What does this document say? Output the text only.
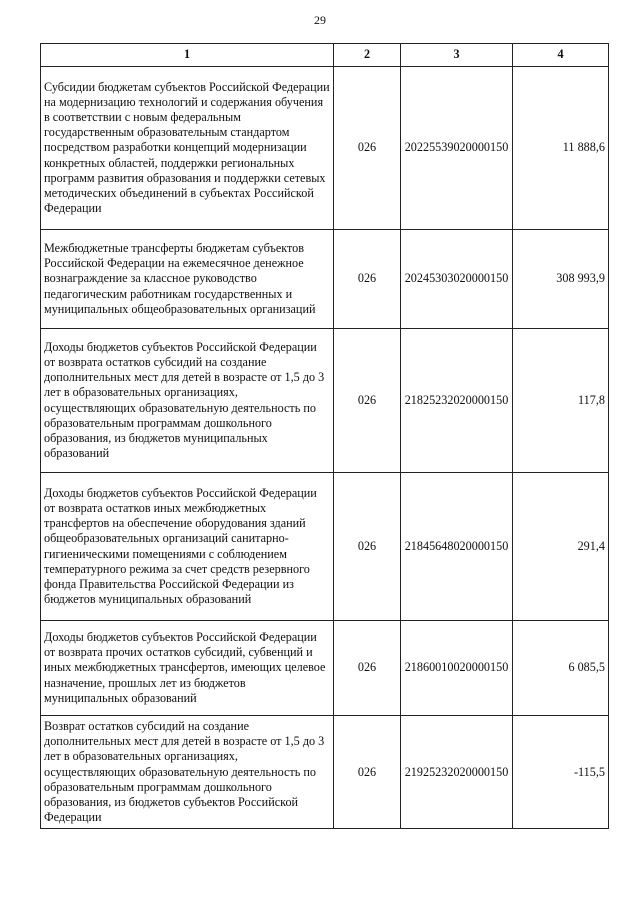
29
1	2	3	4
Субсидии бюджетам субъектов Российской Федерации на модернизацию технологий и содержания обучения в соответствии с новым федеральным государственным образовательным стандартом посредством разработки концепций модернизации конкретных областей, поддержки региональных программ развития образования и поддержки сетевых методических объединений в субъектах Российской Федерации	026	20225539020000150	11 888,6
Межбюджетные трансферты бюджетам субъектов Российской Федерации на ежемесячное денежное вознаграждение за классное руководство педагогическим работникам государственных и муниципальных общеобразовательных организаций	026	20245303020000150	308 993,9
Доходы бюджетов субъектов Российской Федерации от возврата остатков субсидий на создание дополнительных мест для детей в возрасте от 1,5 до 3 лет в образовательных организациях, осуществляющих образовательную деятельность по образовательным программам дошкольного образования, из бюджетов муниципальных образований	026	21825232020000150	117,8
Доходы бюджетов субъектов Российской Федерации от возврата остатков иных межбюджетных трансфертов на обеспечение оборудования зданий общеобразовательных организаций санитарно-гигиеническими помещениями с соблюдением температурного режима за счет средств резервного фонда Правительства Российской Федерации из бюджетов муниципальных образований	026	21845648020000150	291,4
Доходы бюджетов субъектов Российской Федерации от возврата прочих остатков субсидий, субвенций и иных межбюджетных трансфертов, имеющих целевое назначение, прошлых лет из бюджетов муниципальных образований	026	21860010020000150	6 085,5
Возврат остатков субсидий на создание дополнительных мест для детей в возрасте от 1,5 до 3 лет в образовательных организациях, осуществляющих образовательную деятельность по образовательным программам дошкольного образования, из бюджетов субъектов Российской Федерации	026	21925232020000150	-115,5
